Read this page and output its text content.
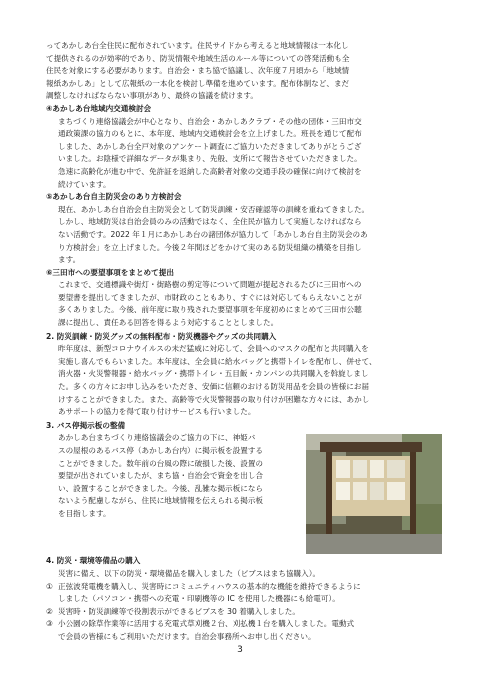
ってあかしあ台全住民に配布されています。住民サイドから考えると地域情報は一本化し

て提供されるのが効率的であり、防災情報や地域生活のルール等についての啓発活動も全

住民を対象にする必要があります。自治会・まち協で協議し、次年度７月頃から「地域情

報紙あかしあ」として広報紙の一本化を検討し準備を進めています。配布体制など、まだ

調整しなければならない事項があり、最終の協議を続けます。

④あかしあ台地域内交通検討会

まちづくり連絡協議会が中心となり、自治会・あかしあクラブ・その他の団体・三田市交

通政策課の協力のもとに、本年度、地域内交通検討会を立上げました。班長を通じて配布

しました、あかしあ台全戸対象のアンケート調査にご協力いただきましてありがとうござ

いました。お陰様で詳細なデータが集まり、先般、支所にて報告させていただきました。

急速に高齢化が進む中で、免許証を返納した高齢者対象の交通手段の確保に向けて検討を

続けています。

⑤あかしあ台自主防災会のあり方検討会

現在、あかしあ台自治会自主防災会として防災訓練・安否確認等の訓練を重ねてきました。

しかし、地域防災は自治会員のみの活動ではなく、全住民が協力して実施しなければなら

ない活動です。2022 年１月にあかしあ台の諸団体が協力して「あかしあ台自主防災会のあ

り方検討会」を立上げました。今後２年間ほどをかけて実のある防災組織の構築を目指し

ます。

⑥三田市への要望事項をまとめて提出

これまで、交通標識や街灯・街路樹の剪定等について問題が提起されるたびに三田市への

要望書を提出してきましたが、市財政のこともあり、すぐには対応してもらえないことが

多くありました。今後、前年度に取り残された要望事項を年度初めにまとめて三田市公聴

課に提出し、責任ある回答を得るよう対応することとしました。

2. 防災訓練・防災グッズの無料配布・防災機器やグッズの共同購入

昨年度は、新型コロナウイルスの未だ猛威に対応して、会員へのマスクの配布と共同購入を

実施し喜んでもらいました。本年度は、全会員に給水バッグと携帯トイレを配布し、併せて、

消火器・火災警報器・給水バッグ・携帯トイレ・五目飯・カンパンの共同購入を斡旋しまし

た。多くの方々にお申し込みをいただき、安価に信頼のおける防災用品を会員の皆様にお届

けすることができました。また、高齢等で火災警報器の取り付けが困難な方々には、あかし

あサポートの協力を得て取り付けサービスも行いました。

3. バス停掲示板の整備

あかしあ台まちづくり連絡協議会のご協力の下に、神姫バ

スの屋根のあるバス停（あかしあ台内）に掲示板を設置する

ことができました。数年前の台風の際に破損した後、設置の

要望が出されていましたが、まち協・自治会で資金を出し合

い、設置することができました。今後、乱雑な掲示板になら

ないよう配慮しながら、住民に地域情報を伝えられる掲示板

を目指します。

4. 防災・環境等備品の購入

災害に備え、以下の防災・環境備品を購入しました（ビブスはまち協購入）。

① 正弦波発電機を購入し、災害時にコミュニティハウスの基本的な機能を維持できるように

しました（パソコン・携帯への充電・印刷機等の IC を使用した機器にも給電可）。

② 災害時・防災訓練等で役割表示ができるビブスを 30 着購入しました。

③ 小公園の除草作業等に活用する充電式草刈機２台、刈払機１台を購入しました。電動式

で会員の皆様にもご利用いただけます。自治会事務所へお申し出ください。

3
